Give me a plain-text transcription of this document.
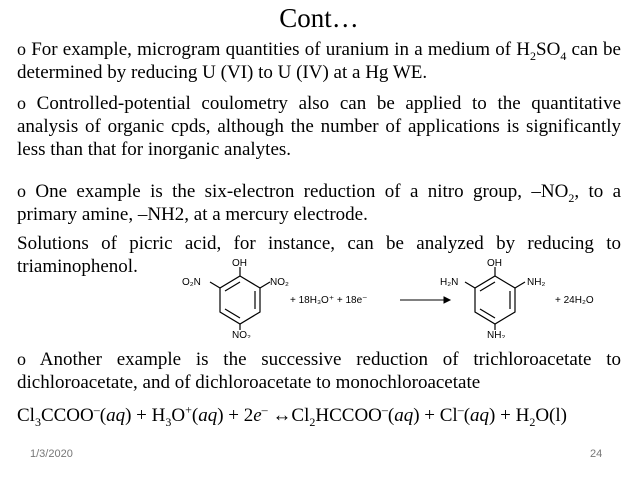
Cont…
o For example, microgram quantities of uranium in a medium of $H_2SO_4$ can be determined by reducing U (VI) to U (IV) at a Hg WE.
o Controlled-potential coulometry also can be applied to the quantitative analysis of organic cpds, although the number of applications is significantly less than that for inorganic analytes.
o One example is the six-electron reduction of a nitro group, $-NO_2$, to a primary amine, –NH2, at a mercury electrode.
Solutions of picric acid, for instance, can be analyzed by reducing to triaminophenol.	OH
O₂N	NO₂
NO₂
+ 18H₃O⁺ + 18e⁻
OH
H₂N	NH₂
NH₂
+ 24H₂O
o Another example is the successive reduction of trichloroacetate to dichloroacetate, and of dichloroacetate to monochloroacetate
$Cl_3CCOO^-(aq) + H_3O^+(aq) + 2e^-$ $\leftrightarrow Cl_2HCCOO^-(aq) + Cl^-(aq) + H_2O(l)$
1/3/2020	24
